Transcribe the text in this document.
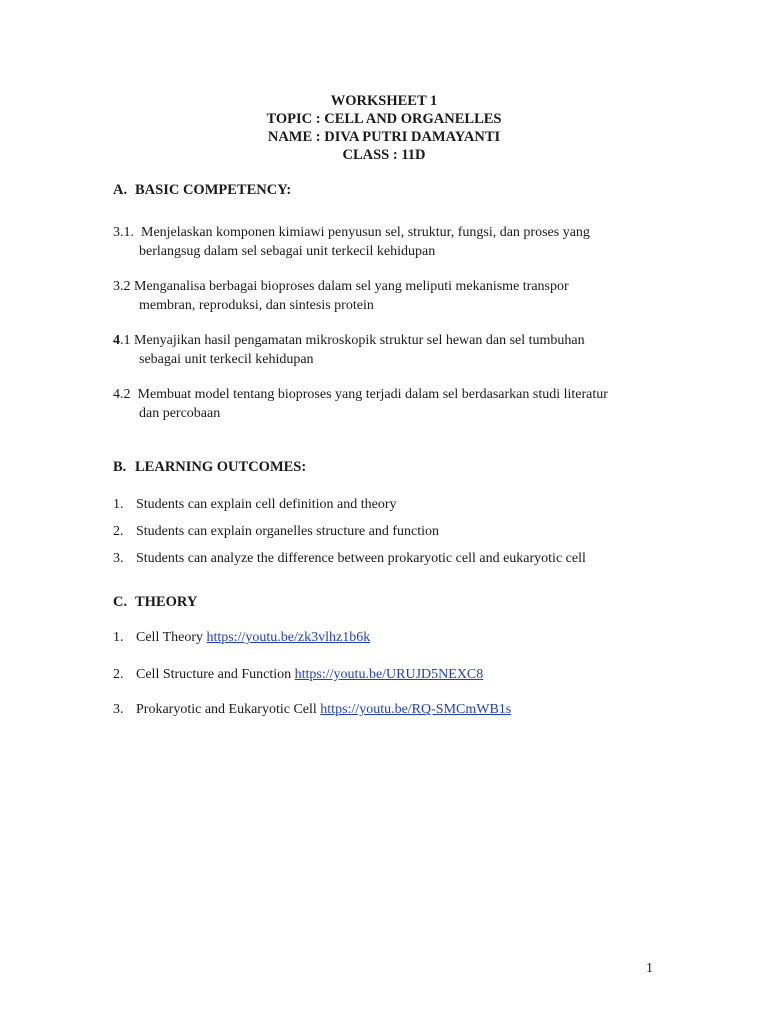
WORKSHEET 1
TOPIC : CELL AND ORGANELLES
NAME : DIVA PUTRI DAMAYANTI
CLASS : 11D
A. BASIC COMPETENCY:
3.1. Menjelaskan komponen kimiawi penyusun sel, struktur, fungsi, dan proses yang
berlangsug dalam sel sebagai unit terkecil kehidupan
3.2 Menganalisa berbagai bioproses dalam sel yang meliputi mekanisme transpor
membran, reproduksi, dan sintesis protein
4.1 Menyajikan hasil pengamatan mikroskopik struktur sel hewan dan sel tumbuhan
sebagai unit terkecil kehidupan
4.2 Membuat model tentang bioproses yang terjadi dalam sel berdasarkan studi literatur
dan percobaan
B. LEARNING OUTCOMES:
1. Students can explain cell definition and theory
2. Students can explain organelles structure and function
3. Students can analyze the difference between prokaryotic cell and eukaryotic cell
C. THEORY
1. Cell Theory https://youtu.be/zk3vlhz1b6k
2. Cell Structure and Function https://youtu.be/URUJD5NEXC8
3. Prokaryotic and Eukaryotic Cell https://youtu.be/RQ-SMCmWB1s
1
